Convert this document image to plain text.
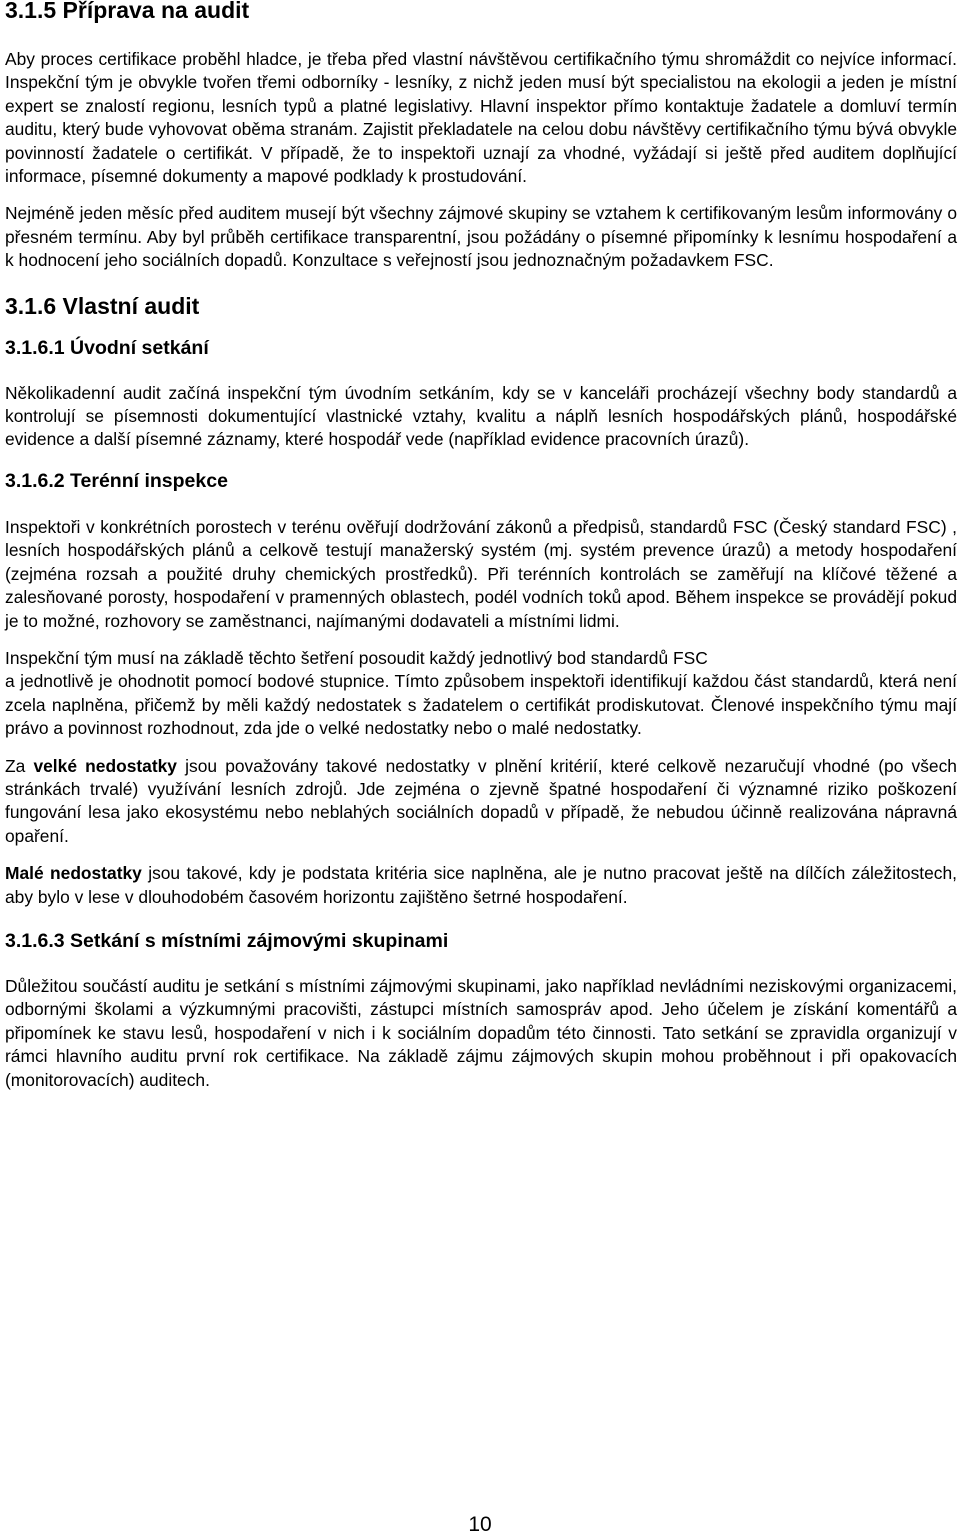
3.1.5 Příprava na audit

Aby proces certifikace proběhl hladce, je třeba před vlastní návštěvou certifikačního týmu shromáždit co nejvíce informací. Inspekční tým je obvykle tvořen třemi odborníky - lesníky, z nichž jeden musí být specialistou na ekologii a jeden je místní expert se znalostí regionu, lesních typů a platné legislativy. Hlavní inspektor přímo kontaktuje žadatele a domluví termín auditu, který bude vyhovovat oběma stranám. Zajistit překladatele na celou dobu návštěvy certifikačního týmu bývá obvykle povinností žadatele o certifikát. V případě, že to inspektoři uznají za vhodné, vyžádají si ještě před auditem doplňující informace, písemné dokumenty a mapové podklady k prostudování.

Nejméně jeden měsíc před auditem musejí být všechny zájmové skupiny se vztahem k certifikovaným lesům informovány o přesném termínu. Aby byl průběh certifikace transparentní, jsou požádány o písemné připomínky k lesnímu hospodaření a k hodnocení jeho sociálních dopadů. Konzultace s veřejností jsou jednoznačným požadavkem FSC.

3.1.6 Vlastní audit
3.1.6.1 Úvodní setkání

Několikadenní audit začíná inspekční tým úvodním setkáním, kdy se v kanceláři procházejí všechny body standardů a kontrolují se písemnosti dokumentující vlastnické vztahy, kvalitu a náplň lesních hospodářských plánů, hospodářské evidence a další písemné záznamy, které hospodář vede (například evidence pracovních úrazů).

3.1.6.2 Terénní inspekce

Inspektoři v konkrétních porostech v terénu ověřují dodržování zákonů a předpisů, standardů FSC (Český standard FSC) , lesních hospodářských plánů a celkově testují manažerský systém (mj. systém prevence úrazů) a metody hospodaření (zejména rozsah a použité druhy chemických prostředků). Při terénních kontrolách se zaměřují na klíčové těžené a zalesňované porosty, hospodaření v pramenných oblastech, podél vodních toků apod. Během inspekce se provádějí pokud je to možné, rozhovory se zaměstnanci, najímanými dodavateli a místními lidmi.

Inspekční tým musí na základě těchto šetření posoudit každý jednotlivý bod standardů FSC

a jednotlivě je ohodnotit pomocí bodové stupnice. Tímto způsobem inspektoři identifikují každou část standardů, která není zcela naplněna, přičemž by měli každý nedostatek s žadatelem o certifikát prodiskutovat. Členové inspekčního týmu mají právo a povinnost rozhodnout, zda jde o velké nedostatky nebo o malé nedostatky.

Za velké nedostatky jsou považovány takové nedostatky v plnění kritérií, které celkově nezaručují vhodné (po všech stránkách trvalé) využívání lesních zdrojů. Jde zejména o zjevně špatné hospodaření či významné riziko poškození fungování lesa jako ekosystému nebo neblahých sociálních dopadů v případě, že nebudou účinně realizována nápravná opaření.

Malé nedostatky jsou takové, kdy je podstata kritéria sice naplněna, ale je nutno pracovat ještě na dílčích záležitostech, aby bylo v lese v dlouhodobém časovém horizontu zajištěno šetrné hospodaření.

3.1.6.3 Setkání s místními zájmovými skupinami

Důležitou součástí auditu je setkání s místními zájmovými skupinami, jako například nevládními neziskovými organizacemi, odbornými školami a výzkumnými pracovišti, zástupci místních samospráv apod. Jeho účelem je získání komentářů a připomínek ke stavu lesů, hospodaření v nich i k sociálním dopadům této činnosti. Tato setkání se zpravidla organizují v rámci hlavního auditu první rok certifikace. Na základě zájmu zájmových skupin mohou proběhnout i při opakovacích (monitorovacích) auditech.

10
